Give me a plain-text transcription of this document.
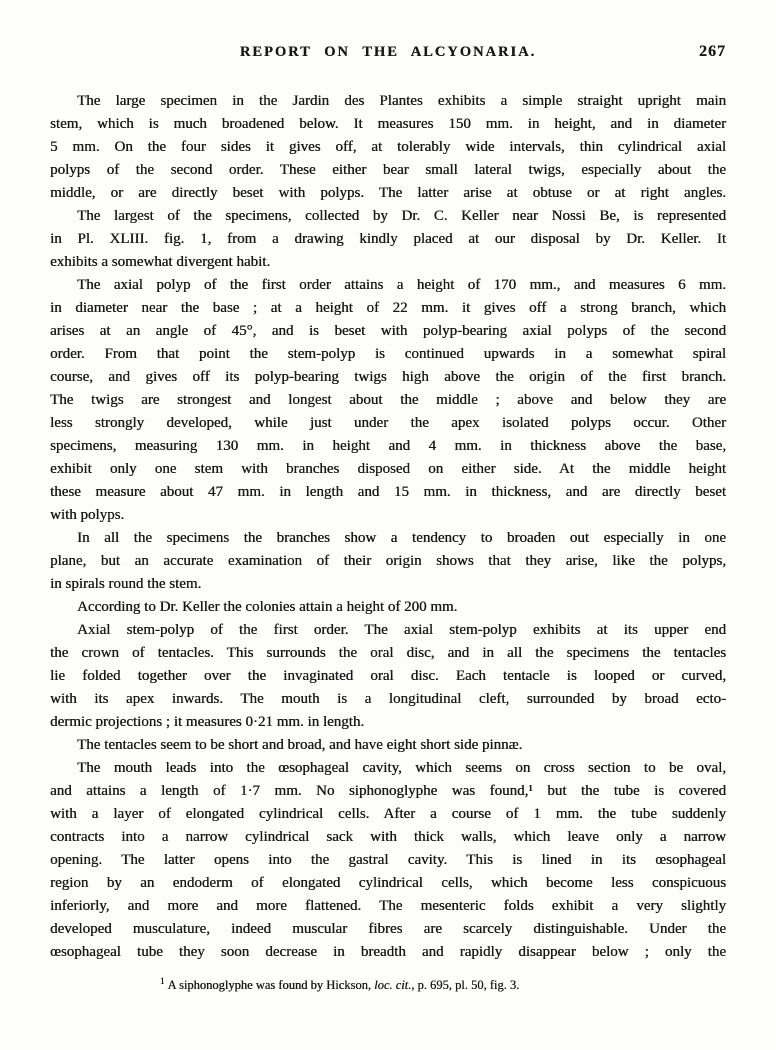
REPORT ON THE ALCYONARIA.	267
The large specimen in the Jardin des Plantes exhibits a simple straight upright main
stem, which is much broadened below. It measures 150 mm. in height, and in diameter
5 mm. On the four sides it gives off, at tolerably wide intervals, thin cylindrical axial
polyps of the second order. These either bear small lateral twigs, especially about the
middle, or are directly beset with polyps. The latter arise at obtuse or at right angles.
The largest of the specimens, collected by Dr. C. Keller near Nossi Be, is represented
in Pl. XLIII. fig. 1, from a drawing kindly placed at our disposal by Dr. Keller. It
exhibits a somewhat divergent habit.
The axial polyp of the first order attains a height of 170 mm., and measures 6 mm.
in diameter near the base ; at a height of 22 mm. it gives off a strong branch, which
arises at an angle of 45°, and is beset with polyp-bearing axial polyps of the second
order. From that point the stem-polyp is continued upwards in a somewhat spiral
course, and gives off its polyp-bearing twigs high above the origin of the first branch.
The twigs are strongest and longest about the middle ; above and below they are
less strongly developed, while just under the apex isolated polyps occur. Other
specimens, measuring 130 mm. in height and 4 mm. in thickness above the base,
exhibit only one stem with branches disposed on either side. At the middle height
these measure about 47 mm. in length and 15 mm. in thickness, and are directly beset
with polyps.
In all the specimens the branches show a tendency to broaden out especially in one
plane, but an accurate examination of their origin shows that they arise, like the polyps,
in spirals round the stem.
According to Dr. Keller the colonies attain a height of 200 mm.
Axial stem-polyp of the first order. The axial stem-polyp exhibits at its upper end
the crown of tentacles. This surrounds the oral disc, and in all the specimens the tentacles
lie folded together over the invaginated oral disc. Each tentacle is looped or curved,
with its apex inwards. The mouth is a longitudinal cleft, surrounded by broad ecto-
dermic projections ; it measures 0·21 mm. in length.
The tentacles seem to be short and broad, and have eight short side pinnæ.
The mouth leads into the œsophageal cavity, which seems on cross section to be oval,
and attains a length of 1·7 mm. No siphonoglyphe was found,¹ but the tube is covered
with a layer of elongated cylindrical cells. After a course of 1 mm. the tube suddenly
contracts into a narrow cylindrical sack with thick walls, which leave only a narrow
opening. The latter opens into the gastral cavity. This is lined in its œsophageal
region by an endoderm of elongated cylindrical cells, which become less conspicuous
inferiorly, and more and more flattened. The mesenteric folds exhibit a very slightly
developed musculature, indeed muscular fibres are scarcely distinguishable. Under the
œsophageal tube they soon decrease in breadth and rapidly disappear below ; only the
$^1$ A siphonoglyphe was found by Hickson, loc. cit., p. 695, pl. 50, fig. 3.
